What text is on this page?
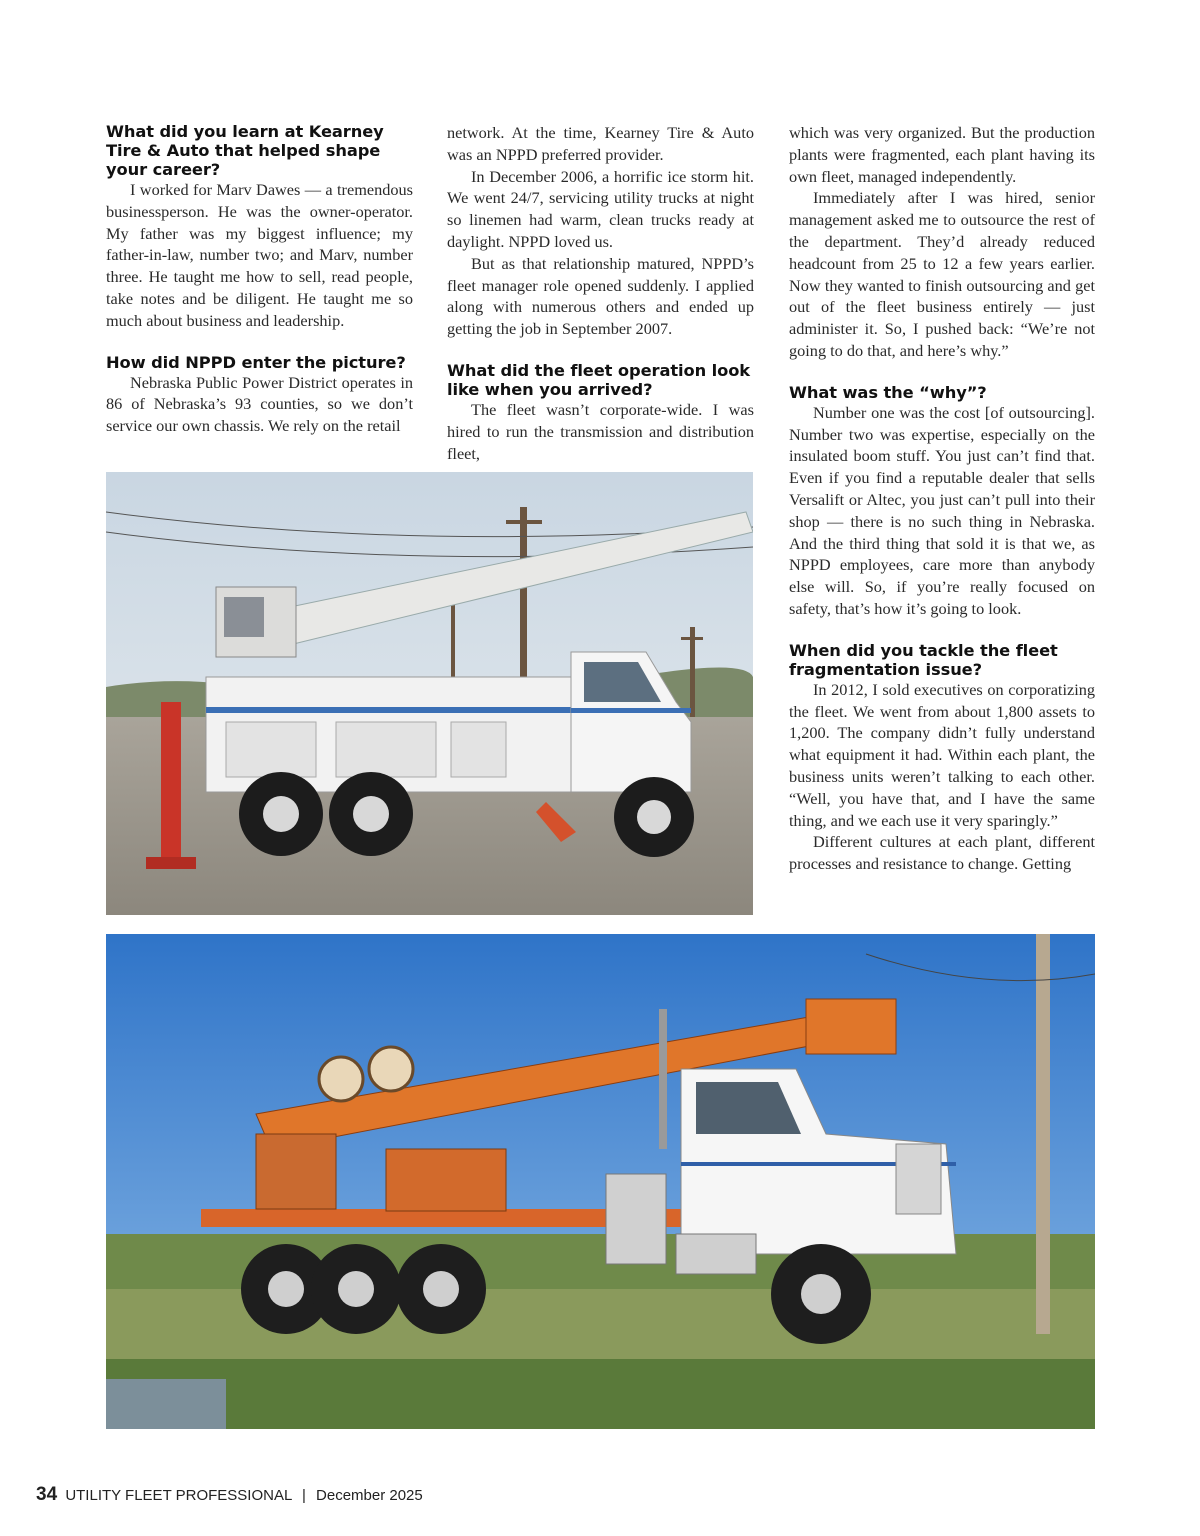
What did you learn at Kearney Tire & Auto that helped shape your career?

I worked for Marv Dawes — a tremendous businessperson. He was the owner-operator. My father was my biggest influence; my father-in-law, number two; and Marv, number three. He taught me how to sell, read people, take notes and be diligent. He taught me so much about business and leadership.

How did NPPD enter the picture?

Nebraska Public Power District operates in 86 of Nebraska’s 93 counties, so we don’t service our own chassis. We rely on the retail

network. At the time, Kearney Tire & Auto was an NPPD preferred provider.

In December 2006, a horrific ice storm hit. We went 24/7, servicing utility trucks at night so linemen had warm, clean trucks ready at daylight. NPPD loved us.

But as that relationship matured, NPPD’s fleet manager role opened suddenly. I applied along with numerous others and ended up getting the job in September 2007.

What did the fleet operation look like when you arrived?

The fleet wasn’t corporate-wide. I was hired to run the transmission and distribution fleet,

which was very organized. But the production plants were fragmented, each plant having its own fleet, managed independently.

Immediately after I was hired, senior management asked me to outsource the rest of the department. They’d already reduced headcount from 25 to 12 a few years earlier. Now they wanted to finish outsourcing and get out of the fleet business entirely — just administer it. So, I pushed back: “We’re not going to do that, and here’s why.”

What was the “why”?

Number one was the cost [of outsourcing]. Number two was expertise, especially on the insulated boom stuff. You just can’t find that. Even if you find a reputable dealer that sells Versalift or Altec, you just can’t pull into their shop — there is no such thing in Nebraska. And the third thing that sold it is that we, as NPPD employees, care more than anybody else will. So, if you’re really focused on safety, that’s how it’s going to look.

When did you tackle the fleet fragmentation issue?

In 2012, I sold executives on corporatizing the fleet. We went from about 1,800 assets to 1,200. The company didn’t fully understand what equipment it had. Within each plant, the business units weren’t talking to each other. “Well, you have that, and I have the same thing, and we each use it very sparingly.”

Different cultures at each plant, different processes and resistance to change. Getting

34 UTILITY FLEET PROFESSIONAL | December 2025
